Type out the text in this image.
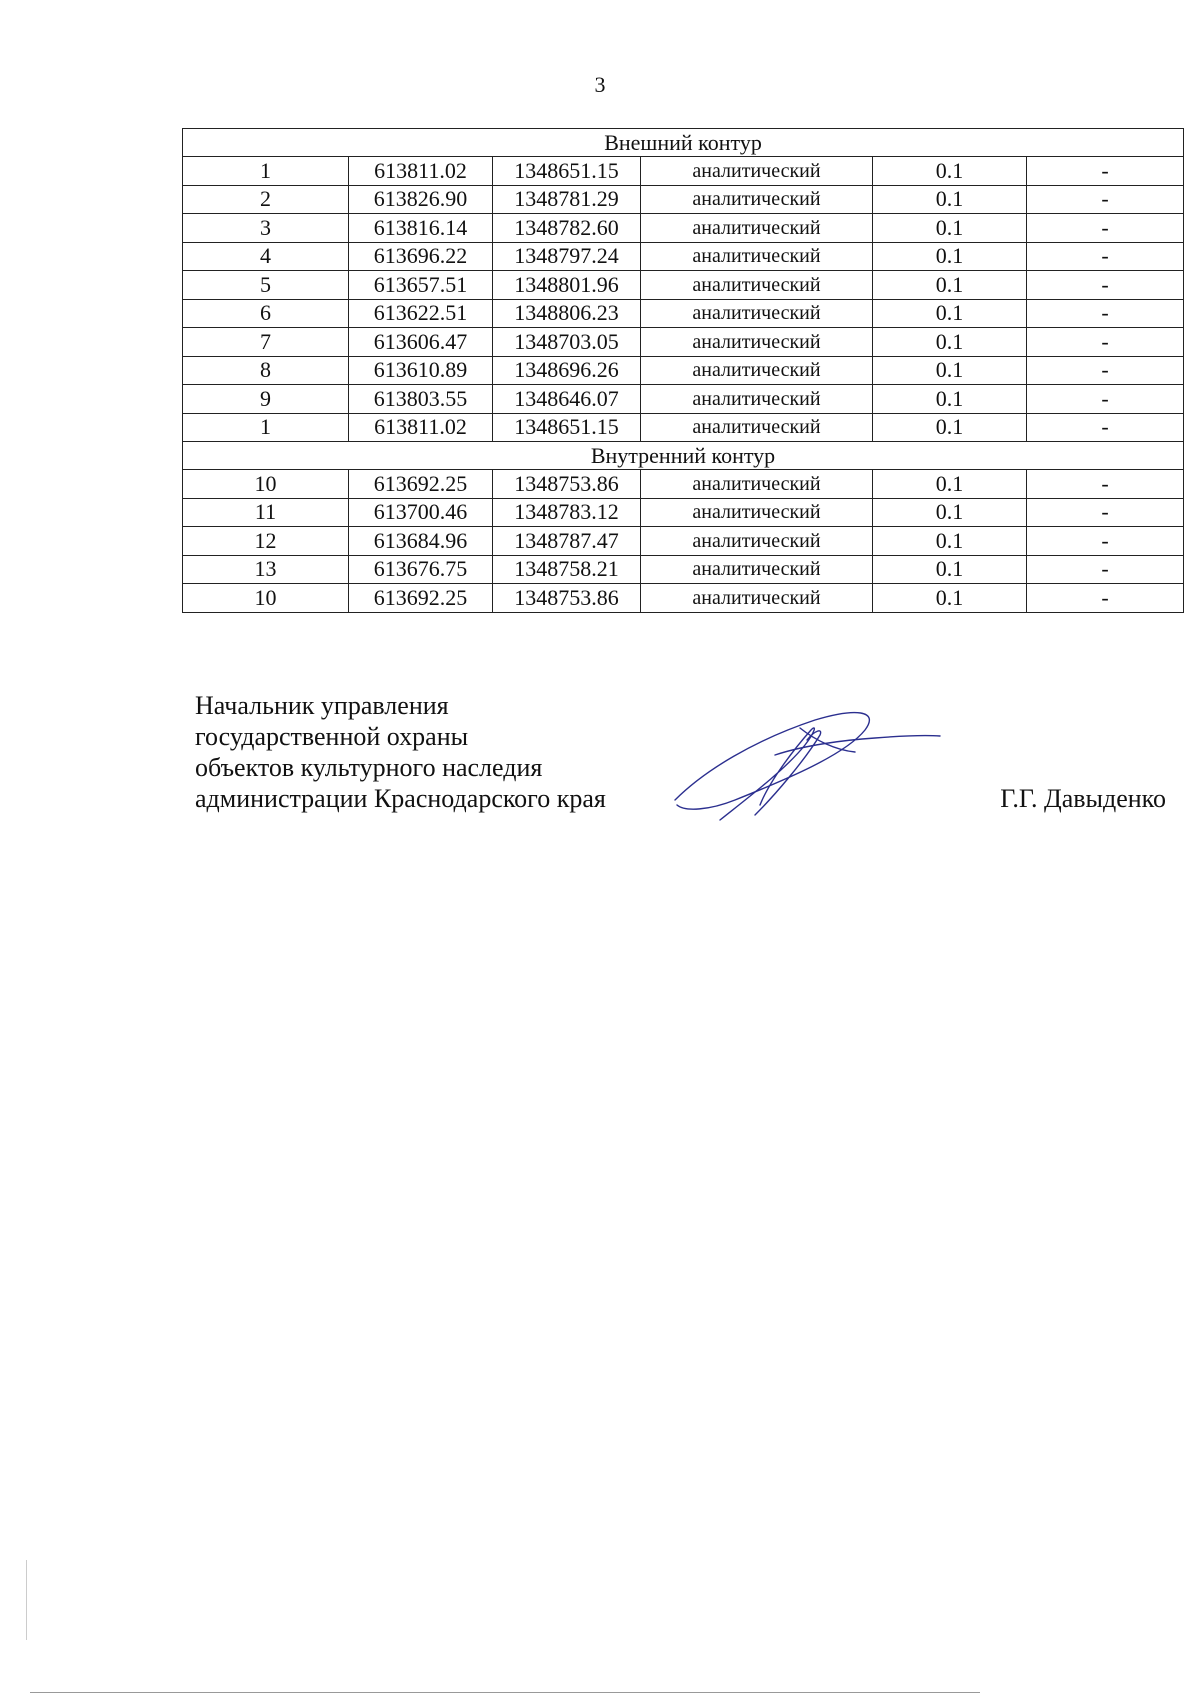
3
Внешний контур					
1	613811.02	1348651.15	аналитический	0.1	-
2	613826.90	1348781.29	аналитический	0.1	-
3	613816.14	1348782.60	аналитический	0.1	-
4	613696.22	1348797.24	аналитический	0.1	-
5	613657.51	1348801.96	аналитический	0.1	-
6	613622.51	1348806.23	аналитический	0.1	-
7	613606.47	1348703.05	аналитический	0.1	-
8	613610.89	1348696.26	аналитический	0.1	-
9	613803.55	1348646.07	аналитический	0.1	-
1	613811.02	1348651.15	аналитический	0.1	-
Внутренний контур					
10	613692.25	1348753.86	аналитический	0.1	-
11	613700.46	1348783.12	аналитический	0.1	-
12	613684.96	1348787.47	аналитический	0.1	-
13	613676.75	1348758.21	аналитический	0.1	-
10	613692.25	1348753.86	аналитический	0.1	-
Начальник управления
государственной охраны
объектов культурного наследия
администрации Краснодарского края	Г.Г. Давыденко
